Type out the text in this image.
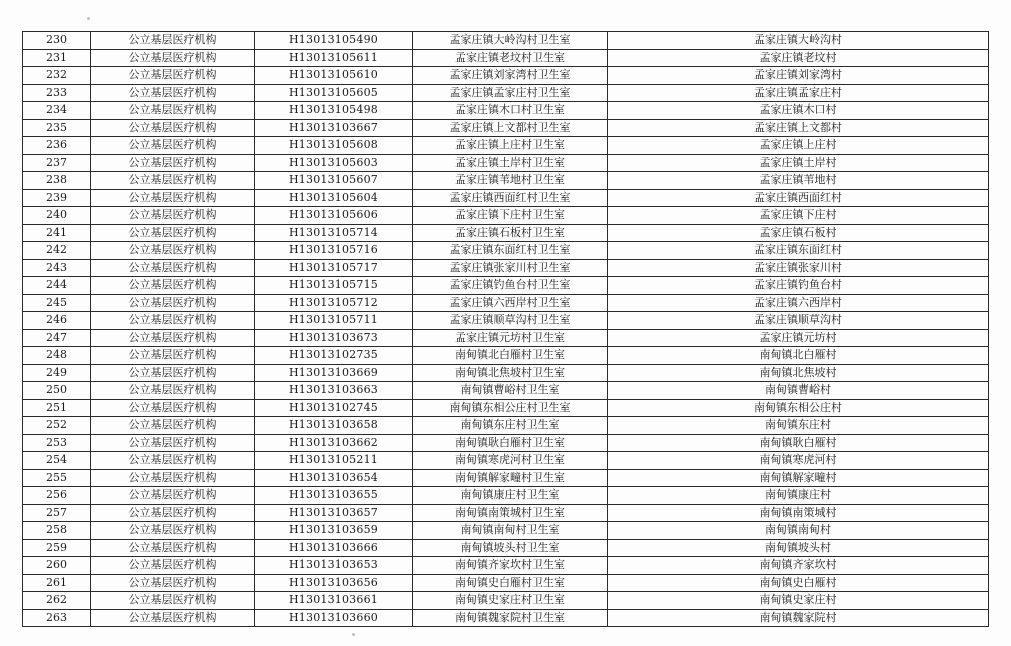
230	公立基层医疗机构	H13013105490	孟家庄镇大岭沟村卫生室	孟家庄镇大岭沟村
231	公立基层医疗机构	H13013105611	孟家庄镇老坟村卫生室	孟家庄镇老坟村
232	公立基层医疗机构	H13013105610	孟家庄镇刘家湾村卫生室	孟家庄镇刘家湾村
233	公立基层医疗机构	H13013105605	孟家庄镇孟家庄村卫生室	孟家庄镇孟家庄村
234	公立基层医疗机构	H13013105498	孟家庄镇木口村卫生室	孟家庄镇木口村
235	公立基层医疗机构	H13013103667	孟家庄镇上文都村卫生室	孟家庄镇上文都村
236	公立基层医疗机构	H13013105608	孟家庄镇上庄村卫生室	孟家庄镇上庄村
237	公立基层医疗机构	H13013105603	孟家庄镇土岸村卫生室	孟家庄镇土岸村
238	公立基层医疗机构	H13013105607	孟家庄镇苇地村卫生室	孟家庄镇苇地村
239	公立基层医疗机构	H13013105604	孟家庄镇西面红村卫生室	孟家庄镇西面红村
240	公立基层医疗机构	H13013105606	孟家庄镇下庄村卫生室	孟家庄镇下庄村
241	公立基层医疗机构	H13013105714	孟家庄镇石板村卫生室	孟家庄镇石板村
242	公立基层医疗机构	H13013105716	孟家庄镇东面红村卫生室	孟家庄镇东面红村
243	公立基层医疗机构	H13013105717	孟家庄镇张家川村卫生室	孟家庄镇张家川村
244	公立基层医疗机构	H13013105715	孟家庄镇钓鱼台村卫生室	孟家庄镇钓鱼台村
245	公立基层医疗机构	H13013105712	孟家庄镇六西岸村卫生室	孟家庄镇六西岸村
246	公立基层医疗机构	H13013105711	孟家庄镇顺草沟村卫生室	孟家庄镇顺草沟村
247	公立基层医疗机构	H13013103673	孟家庄镇元坊村卫生室	孟家庄镇元坊村
248	公立基层医疗机构	H13013102735	南甸镇北白雁村卫生室	南甸镇北白雁村
249	公立基层医疗机构	H13013103669	南甸镇北焦坡村卫生室	南甸镇北焦坡村
250	公立基层医疗机构	H13013103663	南甸镇曹峪村卫生室	南甸镇曹峪村
251	公立基层医疗机构	H13013102745	南甸镇东相公庄村卫生室	南甸镇东相公庄村
252	公立基层医疗机构	H13013103658	南甸镇东庄村卫生室	南甸镇东庄村
253	公立基层医疗机构	H13013103662	南甸镇耿白雁村卫生室	南甸镇耿白雁村
254	公立基层医疗机构	H13013105211	南甸镇寒虎河村卫生室	南甸镇寒虎河村
255	公立基层医疗机构	H13013103654	南甸镇解家疃村卫生室	南甸镇解家疃村
256	公立基层医疗机构	H13013103655	南甸镇康庄村卫生室	南甸镇康庄村
257	公立基层医疗机构	H13013103657	南甸镇南策城村卫生室	南甸镇南策城村
258	公立基层医疗机构	H13013103659	南甸镇南甸村卫生室	南甸镇南甸村
259	公立基层医疗机构	H13013103666	南甸镇坡头村卫生室	南甸镇坡头村
260	公立基层医疗机构	H13013103653	南甸镇齐家坎村卫生室	南甸镇齐家坎村
261	公立基层医疗机构	H13013103656	南甸镇史白雁村卫生室	南甸镇史白雁村
262	公立基层医疗机构	H13013103661	南甸镇史家庄村卫生室	南甸镇史家庄村
263	公立基层医疗机构	H13013103660	南甸镇魏家院村卫生室	南甸镇魏家院村
